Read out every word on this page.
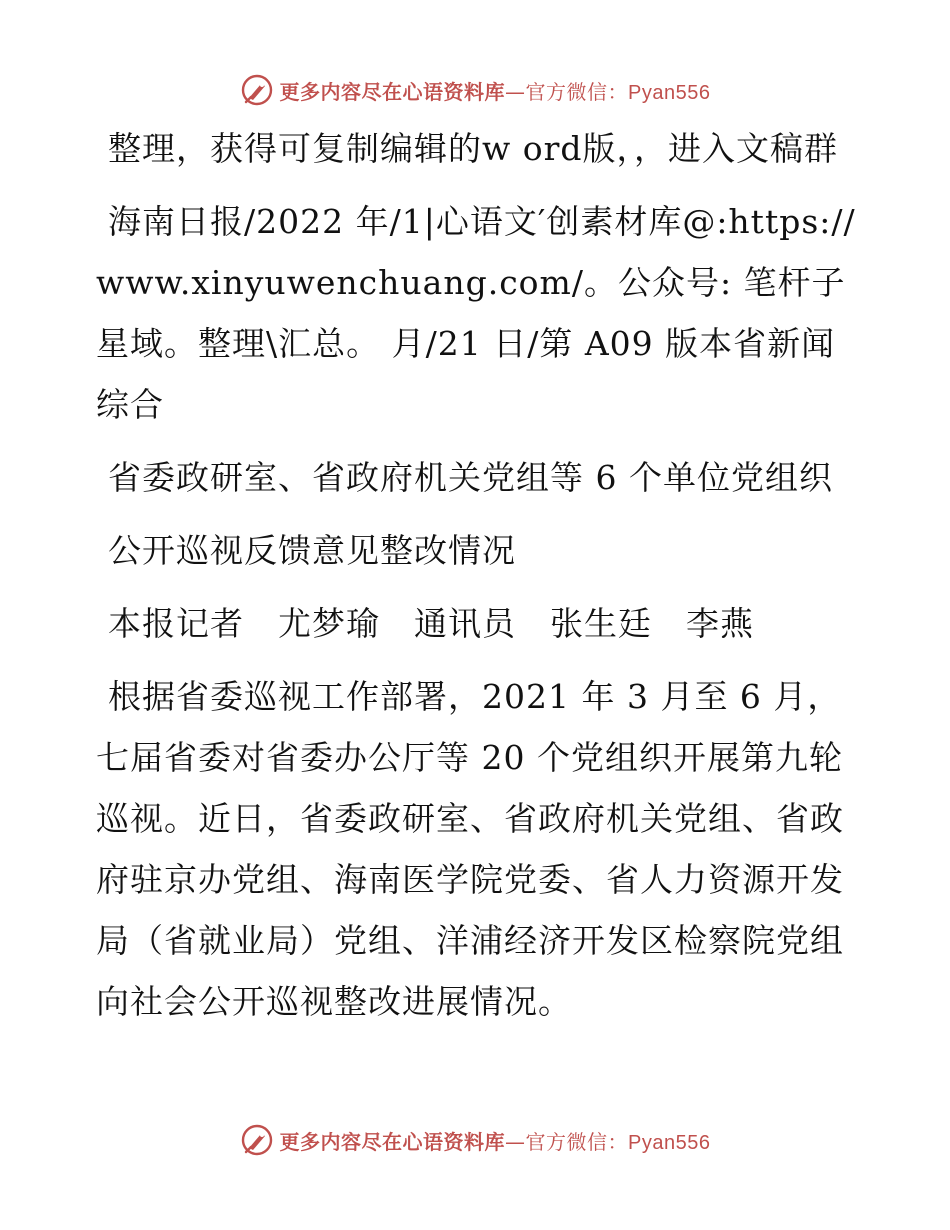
更多内容尽在心语资料库—官方微信：Pyan556

整理，获得可复制编辑的w ord版，，进入文稿群

海南日报/2022 年/1|心语文′创素材库@:https://www.xinyuwenchuang.com/。公众号: 笔杆子星域。整理\汇总。 月/21 日/第 A09 版本省新闻 综合

省委政研室、省政府机关党组等 6 个单位党组织

公开巡视反馈意见整改情况

本报记者　尤梦瑜　通讯员　张生廷　李燕

根据省委巡视工作部署，2021 年 3 月至 6 月，七届省委对省委办公厅等 20 个党组织开展第九轮巡视。近日，省委政研室、省政府机关党组、省政府驻京办党组、海南医学院党委、省人力资源开发局（省就业局）党组、洋浦经济开发区检察院党组向社会公开巡视整改进展情况。

更多内容尽在心语资料库—官方微信：Pyan556
